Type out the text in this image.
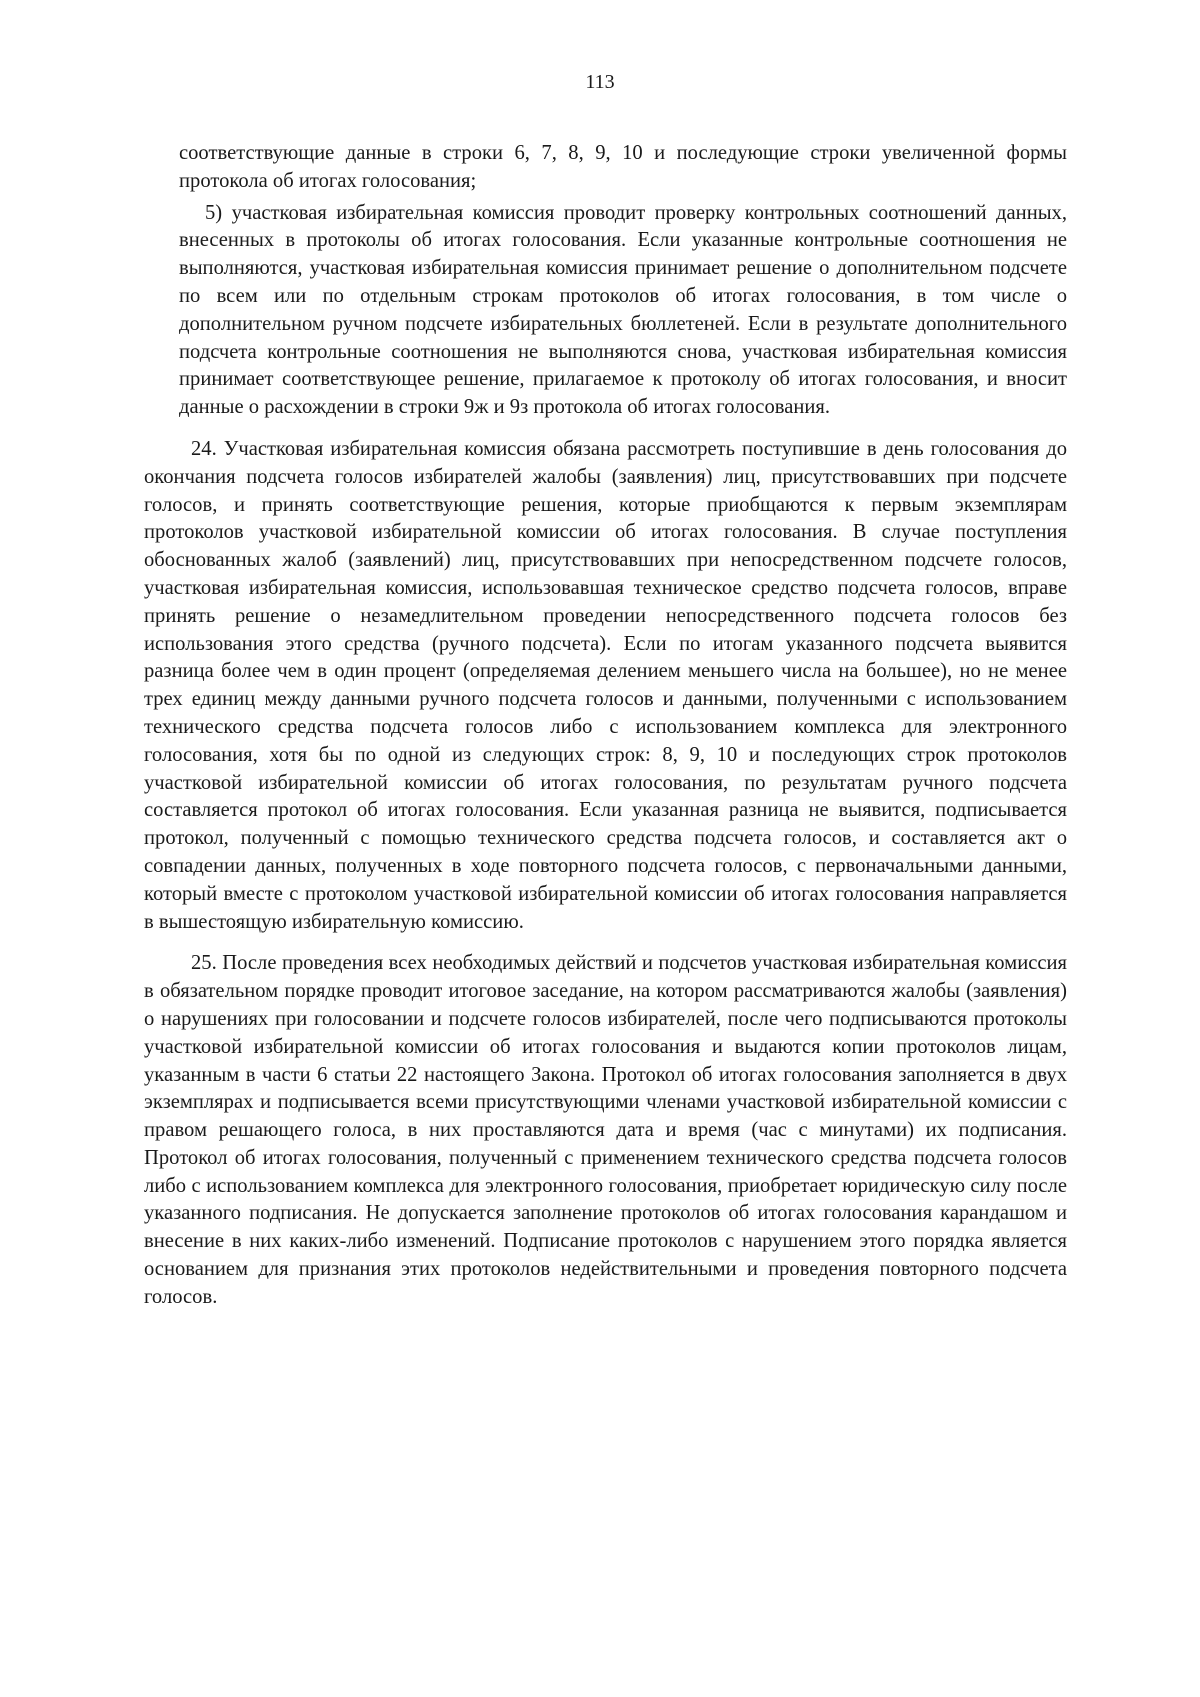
113

соответствующие данные в строки 6, 7, 8, 9, 10 и последующие строки увеличенной формы протокола об итогах голосования;

5) участковая избирательная комиссия проводит проверку контрольных соотношений данных, внесенных в протоколы об итогах голосования. Если указанные контрольные соотношения не выполняются, участковая избирательная комиссия принимает решение о дополнительном подсчете по всем или по отдельным строкам протоколов об итогах голосования, в том числе о дополнительном ручном подсчете избирательных бюллетеней. Если в результате дополнительного подсчета контрольные соотношения не выполняются снова, участковая избирательная комиссия принимает соответствующее решение, прилагаемое к протоколу об итогах голосования, и вносит данные о расхождении в строки 9ж и 9з протокола об итогах голосования.

24. Участковая избирательная комиссия обязана рассмотреть поступившие в день голосования до окончания подсчета голосов избирателей жалобы (заявления) лиц, присутствовавших при подсчете голосов, и принять соответствующие решения, которые приобщаются к первым экземплярам протоколов участковой избирательной комиссии об итогах голосования. В случае поступления обоснованных жалоб (заявлений) лиц, присутствовавших при непосредственном подсчете голосов, участковая избирательная комиссия, использовавшая техническое средство подсчета голосов, вправе принять решение о незамедлительном проведении непосредственного подсчета голосов без использования этого средства (ручного подсчета). Если по итогам указанного подсчета выявится разница более чем в один процент (определяемая делением меньшего числа на большее), но не менее трех единиц между данными ручного подсчета голосов и данными, полученными с использованием технического средства подсчета голосов либо с использованием комплекса для электронного голосования, хотя бы по одной из следующих строк: 8, 9, 10 и последующих строк протоколов участковой избирательной комиссии об итогах голосования, по результатам ручного подсчета составляется протокол об итогах голосования. Если указанная разница не выявится, подписывается протокол, полученный с помощью технического средства подсчета голосов, и составляется акт о совпадении данных, полученных в ходе повторного подсчета голосов, с первоначальными данными, который вместе с протоколом участковой избирательной комиссии об итогах голосования направляется в вышестоящую избирательную комиссию.

25. После проведения всех необходимых действий и подсчетов участковая избирательная комиссия в обязательном порядке проводит итоговое заседание, на котором рассматриваются жалобы (заявления) о нарушениях при голосовании и подсчете голосов избирателей, после чего подписываются протоколы участковой избирательной комиссии об итогах голосования и выдаются копии протоколов лицам, указанным в части 6 статьи 22 настоящего Закона. Протокол об итогах голосования заполняется в двух экземплярах и подписывается всеми присутствующими членами участковой избирательной комиссии с правом решающего голоса, в них проставляются дата и время (час с минутами) их подписания. Протокол об итогах голосования, полученный с применением технического средства подсчета голосов либо с использованием комплекса для электронного голосования, приобретает юридическую силу после указанного подписания. Не допускается заполнение протоколов об итогах голосования карандашом и внесение в них каких-либо изменений. Подписание протоколов с нарушением этого порядка является основанием для признания этих протоколов недействительными и проведения повторного подсчета голосов.
